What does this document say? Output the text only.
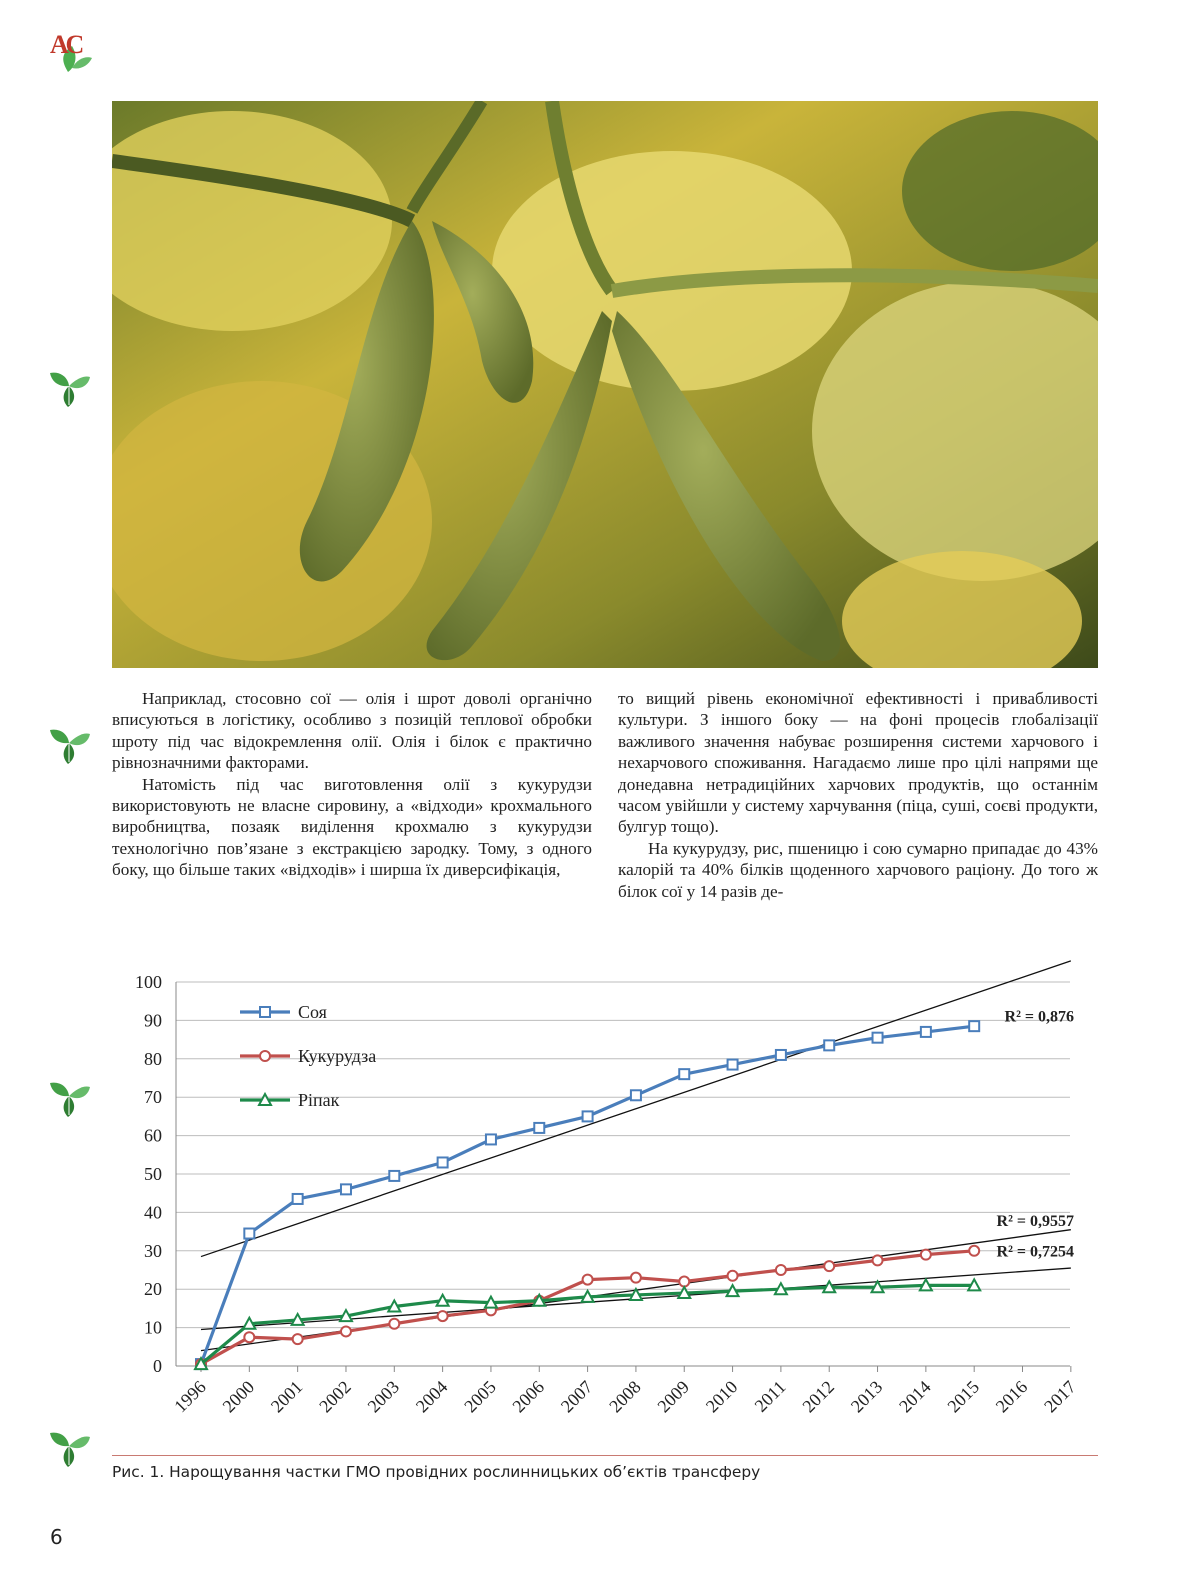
АС

Наприклад, стосовно сої — олія і шрот доволі органічно вписуються в логістику, особливо з позицій теплової обробки шроту під час відокремлення олії. Олія і білок є практично рівнозначними факторами.

Натомість під час виготовлення олії з кукурудзи використовують не власне сировину, а «відходи» крохмального виробництва, позаяк виділення крохмалю з кукурудзи технологічно пов’язане з екстракцією зародку. Тому, з одного боку, що більше таких «відходів» і ширша їх диверсифікація,

то вищий рівень економічної ефективності і привабливості культури. З іншого боку — на фоні процесів глобалізації важливого значення набуває розширення системи харчового і нехарчового споживання. Нагадаємо лише про цілі напрями ще донедавна нетрадиційних харчових продуктів, що останнім часом увійшли у систему харчування (піца, суші, соєві продукти, булгур тощо).

На кукурудзу, рис, пшеницю і сою сумарно припадає до 43% калорій та 40% білків щоденного харчового раціону. До того ж білок сої у 14 разів де-

0
10
20
30
40
50
60
70
80
90
100
1996 2000 2001 2002 2003 2004 2005 2006 2007 2008 2009 2010 2011 2012 2013 2014 2015 2016 2017
R² = 0,876
R² = 0,9557
R² = 0,7254
Соя
Кукурудза
Ріпак
Рис. 1. Нарощування частки ГМО провідних рослинницьких об’єктів трансферу
6
